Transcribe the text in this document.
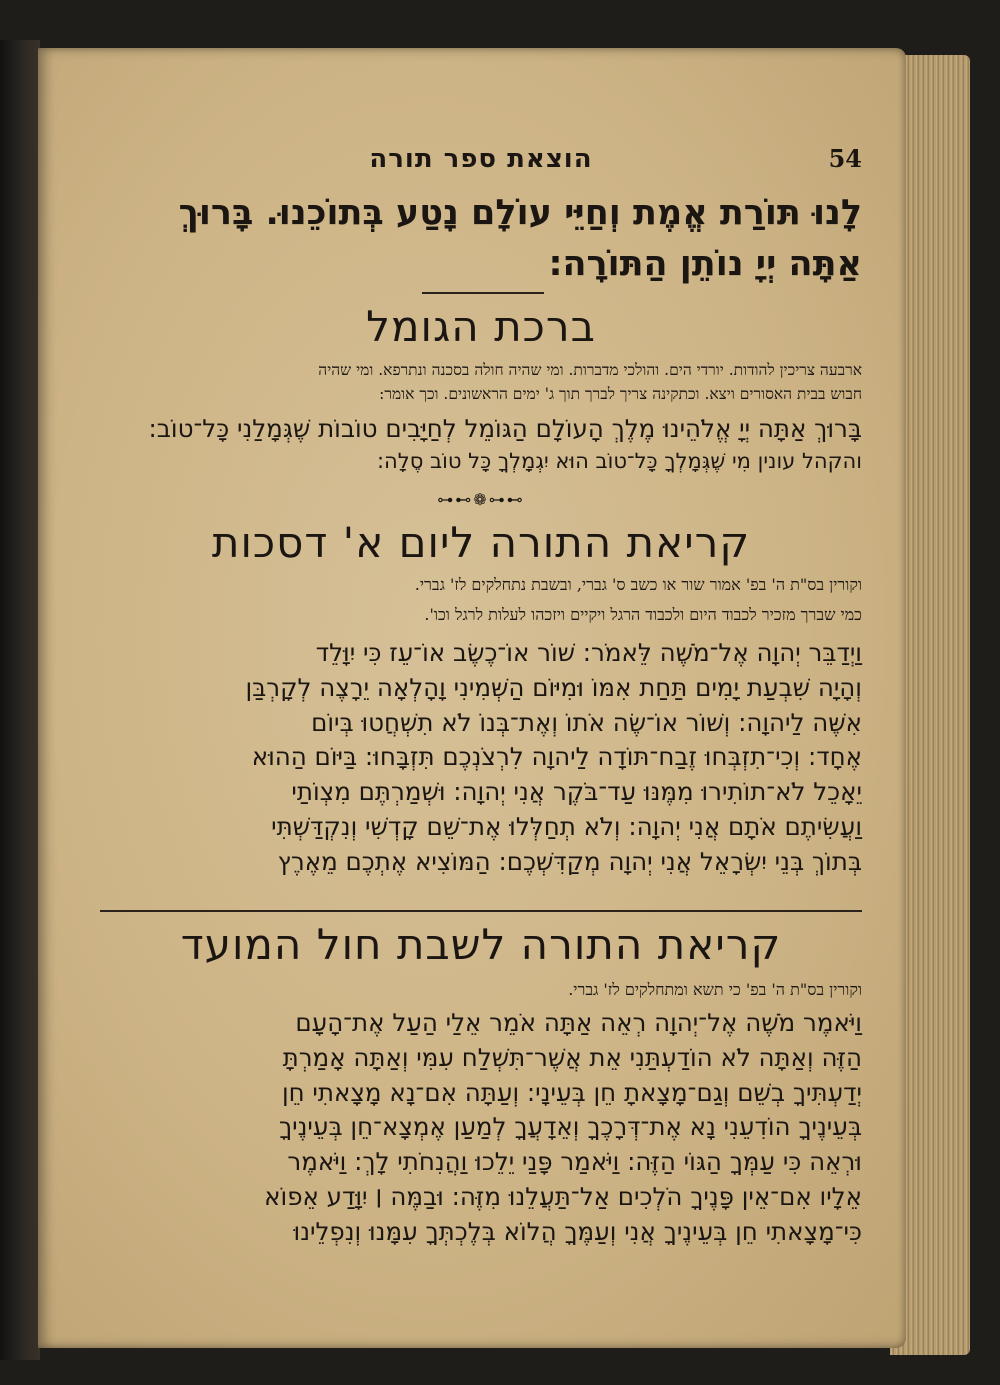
הוצאת ספר תורה	54
לָנוּ תּוֹרַת אֱמֶת וְחַיֵּי עוֹלָם נָטַע בְּתוֹכֵנוּ. בָּרוּךְ
אַתָּה יְיָ נוֹתֵן הַתּוֹרָה:
ברכת הגומל
ארבעה צריכין להודות. יורדי הים. והולכי מדברות. ומי שהיה חולה בסכנה ונתרפא. ומי שהיה
חבוש בבית האסורים ויצא. וכתקינה צריך לברך תוך ג' ימים הראשונים. וכך אומר:
בָּרוּךְ אַתָּה יְיָ אֱלֹהֵינוּ מֶלֶךְ הָעוֹלָם הַגּוֹמֵל לְחַיָּבִים טוֹבוֹת שֶׁגְּמָלַנִי כָּל־טוֹב:
והקהל עונין מִי שֶׁגְּמָלְךָ כָּל־טוֹב הוּא יִגְמָלְךָ כָּל טוֹב סֶלָה:
⊶⊷❁⊶⊷
קריאת התורה ליום א' דסכות
וקורין בס"ת ה' בפ' אמור שור או כשב ס' גברי, ובשבת נתחלקים לז' גברי.
כמי שברך מזכיר לכבוד היום ולכבוד הרגל ויקיים ויזכהו לעלות לרגל וכו'.
וַיְדַבֵּר יְהוָה אֶל־מֹשֶׁה לֵּאמֹר: שׁוֹר אוֹ־כֶשֶׂב אוֹ־עֵז כִּי יִוָּלֵד
וְהָיָה שִׁבְעַת יָמִים תַּחַת אִמּוֹ וּמִיּוֹם הַשְּׁמִינִי וָהָלְאָה יֵרָצֶה לְקָרְבַּן
אִשֶּׁה לַיהוָה: וְשׁוֹר אוֹ־שֶׂה אֹתוֹ וְאֶת־בְּנוֹ לֹא תִשְׁחֲטוּ בְּיוֹם
אֶחָד: וְכִי־תִזְבְּחוּ זֶבַח־תּוֹדָה לַיהוָה לִרְצֹנְכֶם תִּזְבָּחוּ: בַּיּוֹם הַהוּא
יֵאָכֵל לֹא־תוֹתִירוּ מִמֶּנּוּ עַד־בֹּקֶר אֲנִי יְהוָה: וּשְׁמַרְתֶּם מִצְוֺתַי
וַעֲשִׂיתֶם אֹתָם אֲנִי יְהוָה: וְלֹא תְחַלְּלוּ אֶת־שֵׁם קָדְשִׁי וְנִקְדַּשְׁתִּי
בְּתוֹךְ בְּנֵי יִשְׂרָאֵל אֲנִי יְהוָה מְקַדִּשְׁכֶם: הַמּוֹצִיא אֶתְכֶם מֵאֶרֶץ
קריאת התורה לשבת חול המועד
וקורין בס"ת ה' בפ' כי תשא ומתחלקים לז' גברי.
וַיֹּאמֶר מֹשֶׁה אֶל־יְהוָה רְאֵה אַתָּה אֹמֵר אֵלַי הַעַל אֶת־הָעָם
הַזֶּה וְאַתָּה לֹא הוֹדַעְתַּנִי אֵת אֲשֶׁר־תִּשְׁלַח עִמִּי וְאַתָּה אָמַרְתָּ
יְדַעְתִּיךָ בְשֵׁם וְגַם־מָצָאתָ חֵן בְּעֵינָי: וְעַתָּה אִם־נָא מָצָאתִי חֵן
בְּעֵינֶיךָ הוֹדִעֵנִי נָא אֶת־דְּרָכֶךָ וְאֵדָעֲךָ לְמַעַן אֶמְצָא־חֵן בְּעֵינֶיךָ
וּרְאֵה כִּי עַמְּךָ הַגּוֹי הַזֶּה: וַיֹּאמַר פָּנַי יֵלֵכוּ וַהֲנִחֹתִי לָךְ: וַיֹּאמֶר
אֵלָיו אִם־אֵין פָּנֶיךָ הֹלְכִים אַל־תַּעֲלֵנוּ מִזֶּה: וּבַמֶּה ׀ יִוָּדַע אֵפוֹא
כִּי־מָצָאתִי חֵן בְּעֵינֶיךָ אֲנִי וְעַמֶּךָ הֲלוֹא בְּלֶכְתְּךָ עִמָּנוּ וְנִפְלֵינוּ
